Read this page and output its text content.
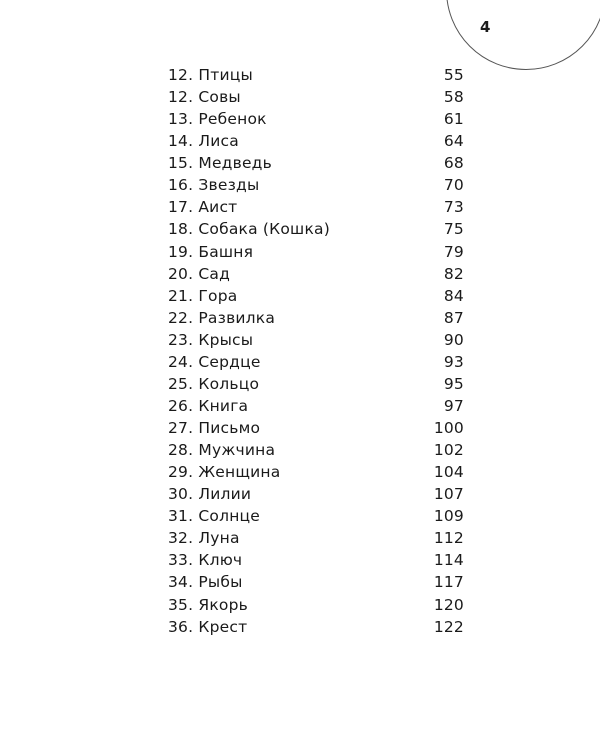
4
12. Птицы	55
12. Совы	58
13. Ребенок	61
14. Лиса	64
15. Медведь	68
16. Звезды	70
17. Аист	73
18. Собака (Кошка)	75
19. Башня	79
20. Сад	82
21. Гора	84
22. Развилка	87
23. Крысы	90
24. Сердце	93
25. Кольцо	95
26. Книга	97
27. Письмо	100
28. Мужчина	102
29. Женщина	104
30. Лилии	107
31. Солнце	109
32. Луна	112
33. Ключ	114
34. Рыбы	117
35. Якорь	120
36. Крест	122
